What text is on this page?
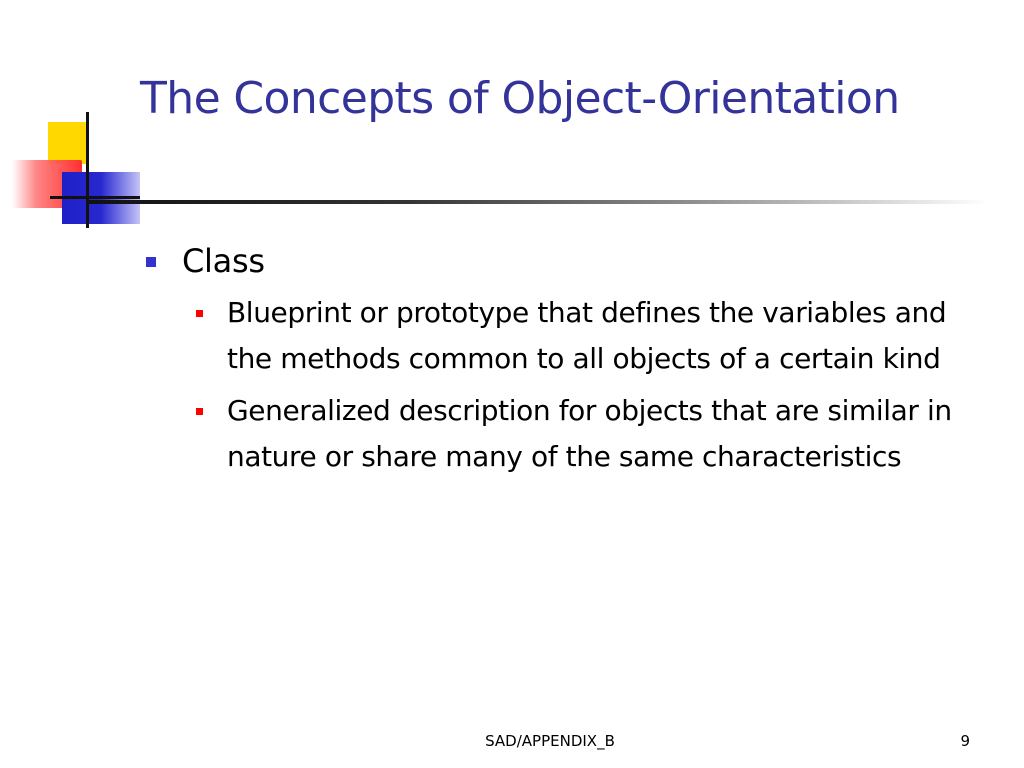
The Concepts of Object-Orientation
Class
Blueprint or prototype that defines the variables and the methods common to all objects of a certain kind
Generalized description for objects that are similar in nature or share many of the same characteristics
SAD/APPENDIX_B	9
